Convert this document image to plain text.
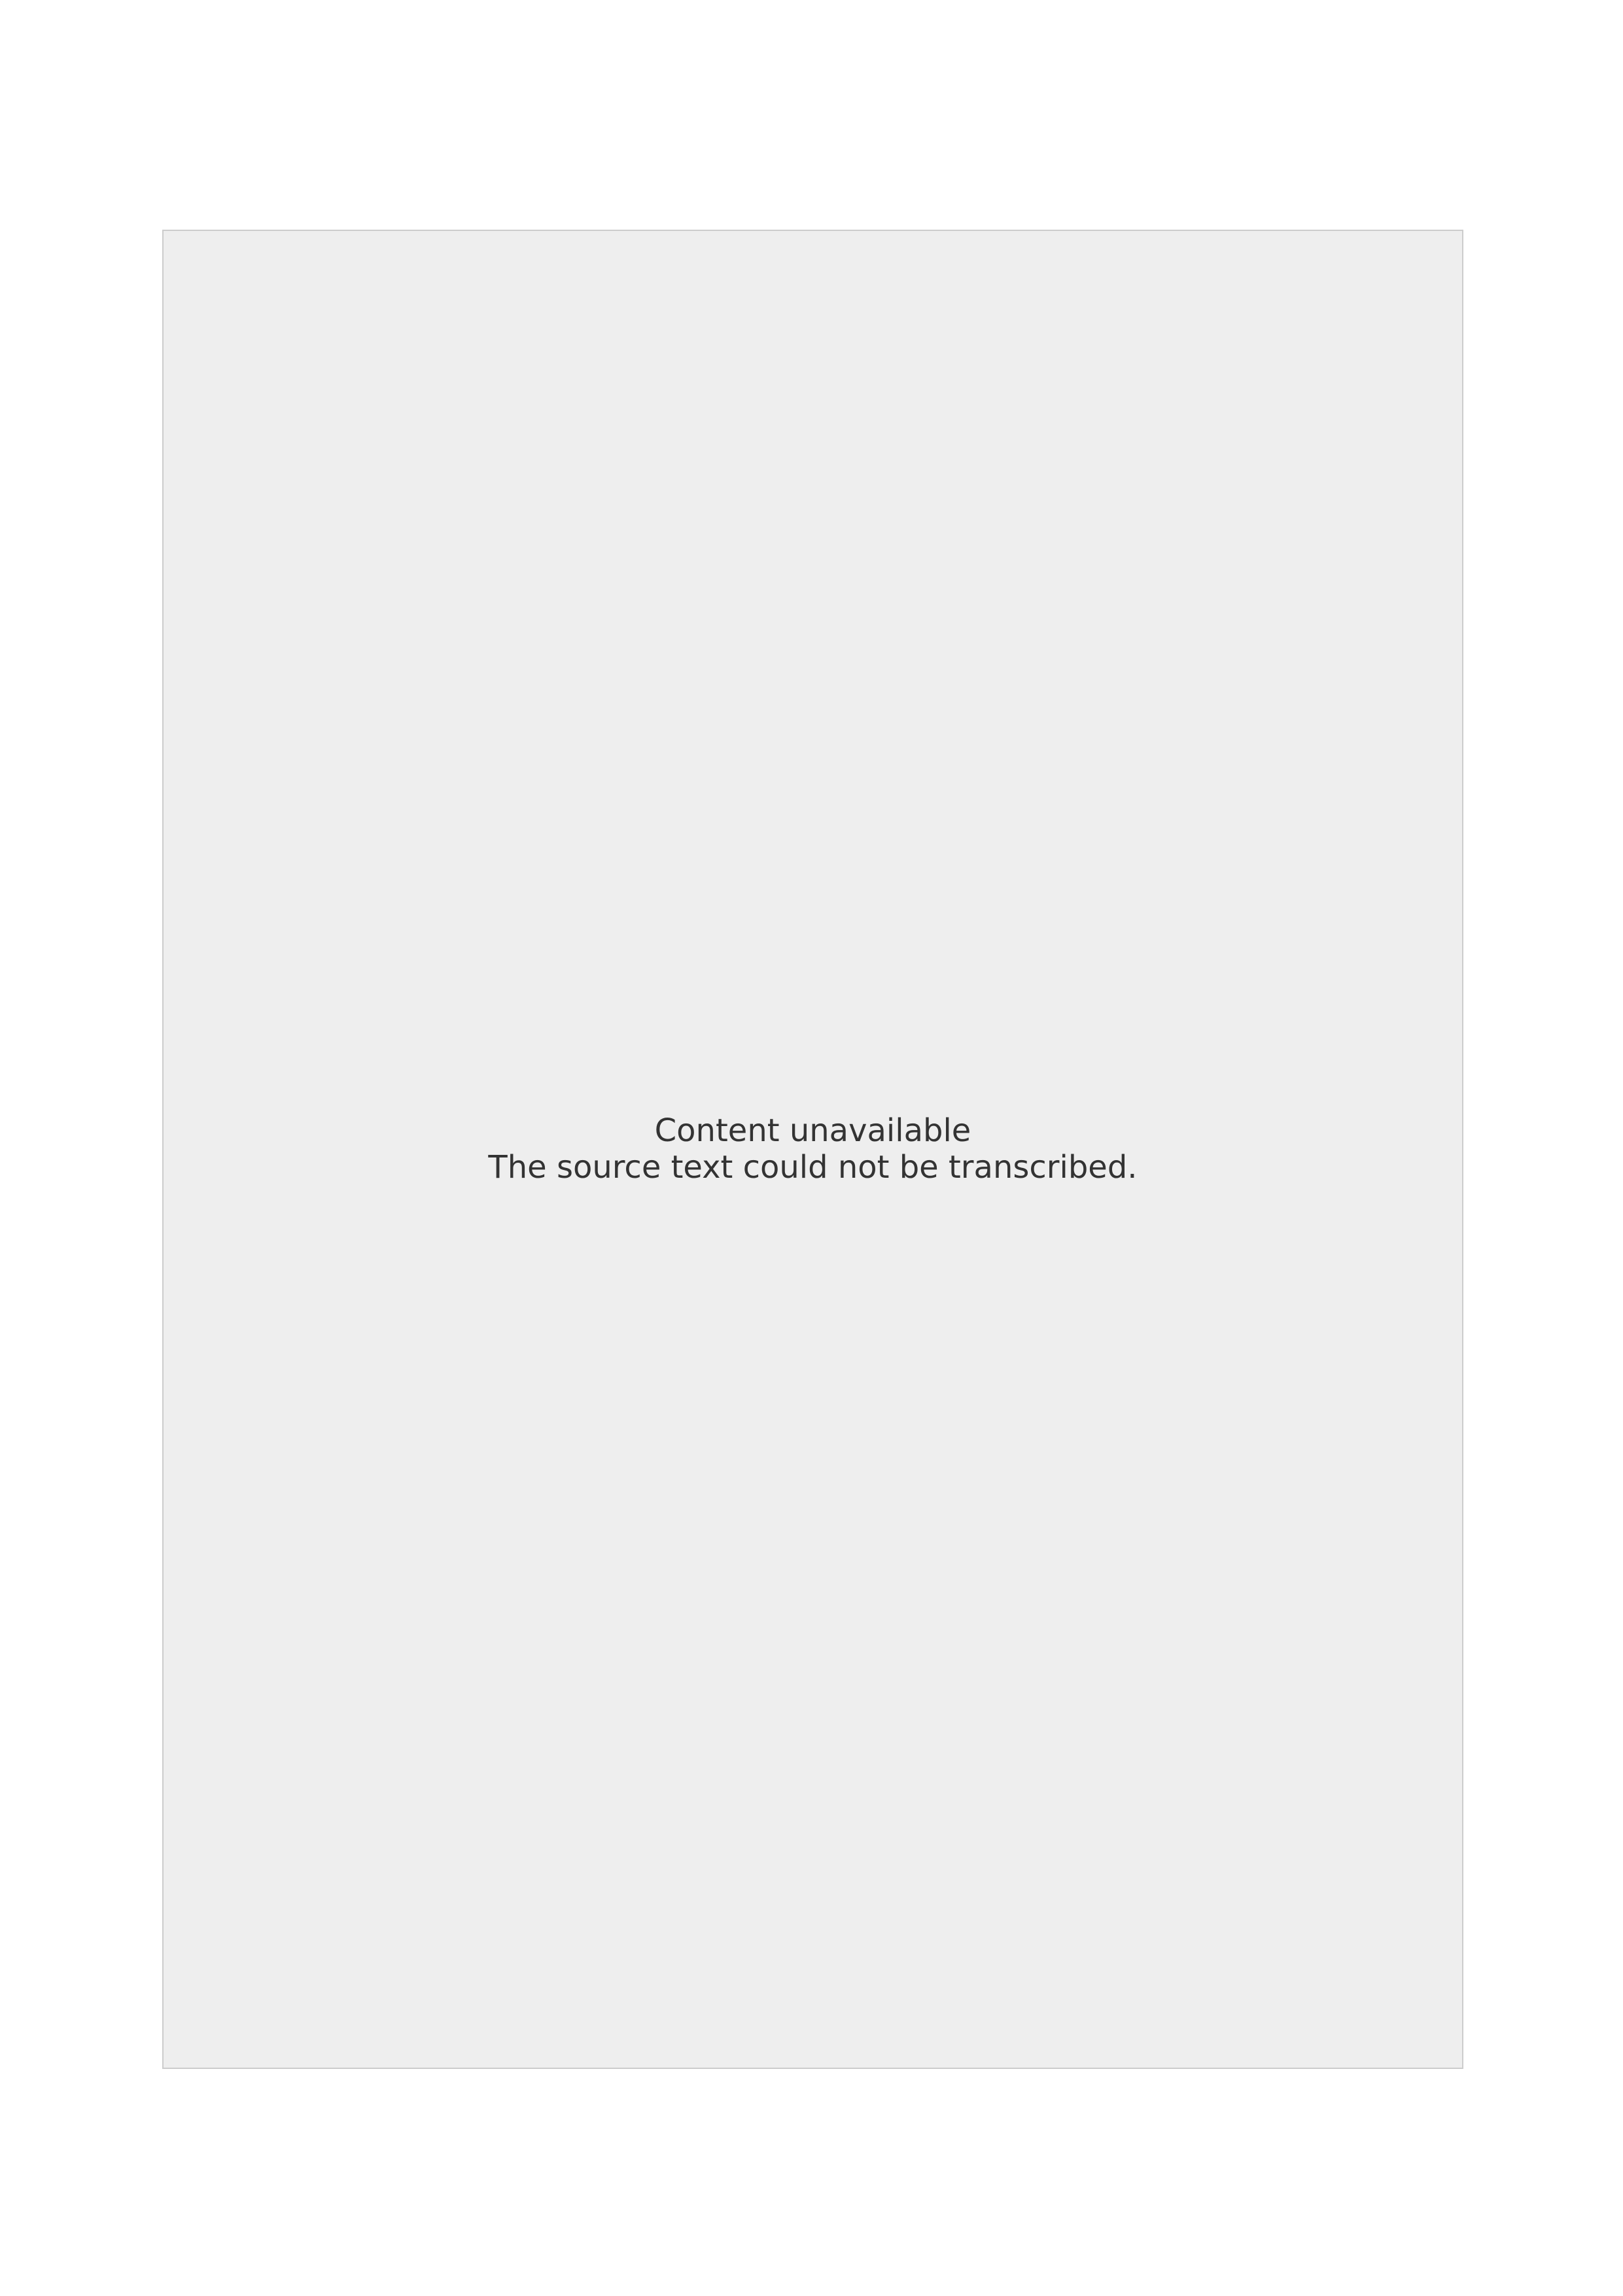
Content unavailable
The source text could not be transcribed.
